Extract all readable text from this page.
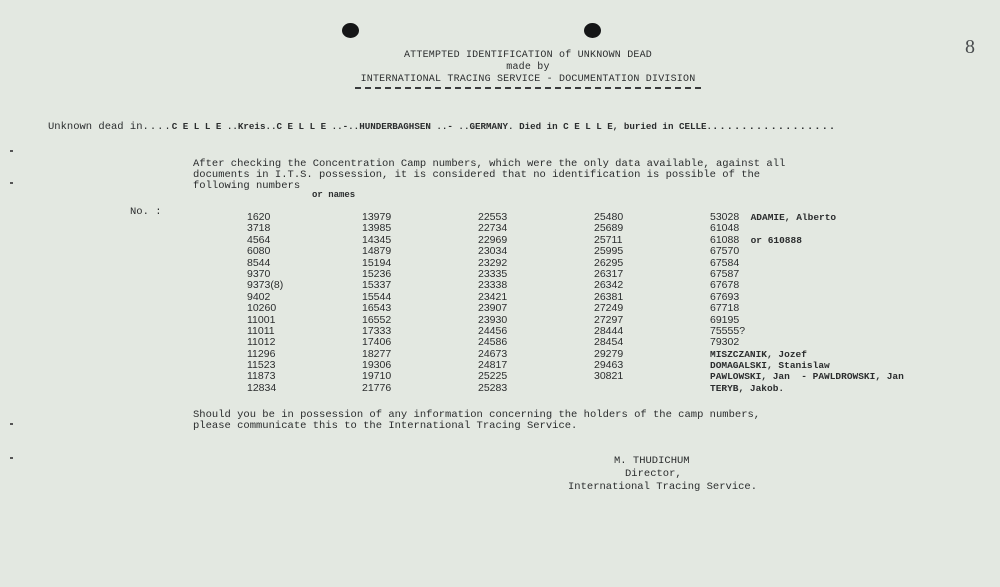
8
ATTEMPTED IDENTIFICATION of UNKNOWN DEAD
made by
INTERNATIONAL TRACING SERVICE - DOCUMENTATION DIVISION
Unknown dead in....C E L L E ..Kreis..C E L L E ..-..HUNDERBAGHSEN ..- ..GERMANY. Died in C E L L E, buried in CELLE..................
After checking the Concentration Camp numbers, which were the only data available, against all
documents in I.T.S. possession, it is considered that no identification is possible of the
following numbers
or names
No. :	1620
3718
4564
6080
8544
9370
9373(8)
9402
10260
11001
11011
11012
11296
11523
11873
12834
13979
13985
14345
14879
15194
15236
15337
15544
16543
16552
17333
17406
18277
19306
19710
21776
22553
22734
22969
23034
23292
23335
23338
23421
23907
23930
24456
24586
24673
24817
25225
25283
25480
25689
25711
25995
26295
26317
26342
26381
27249
27297
28444
28454
29279
29463
30821
53028  ADAMIE, Alberto
61048
61088  or 610888
67570
67584
67587
67678
67693
67718
69195
75555?
79302
MISZCZANIK, Jozef
DOMAGALSKI, Stanislaw
PAWLOWSKI, Jan  - PAWLDROWSKI, Jan
TERYB, Jakob.
Should you be in possession of any information concerning the holders of the camp numbers,
please communicate this to the International Tracing Service.
M. THUDICHUM
Director,
International Tracing Service.
